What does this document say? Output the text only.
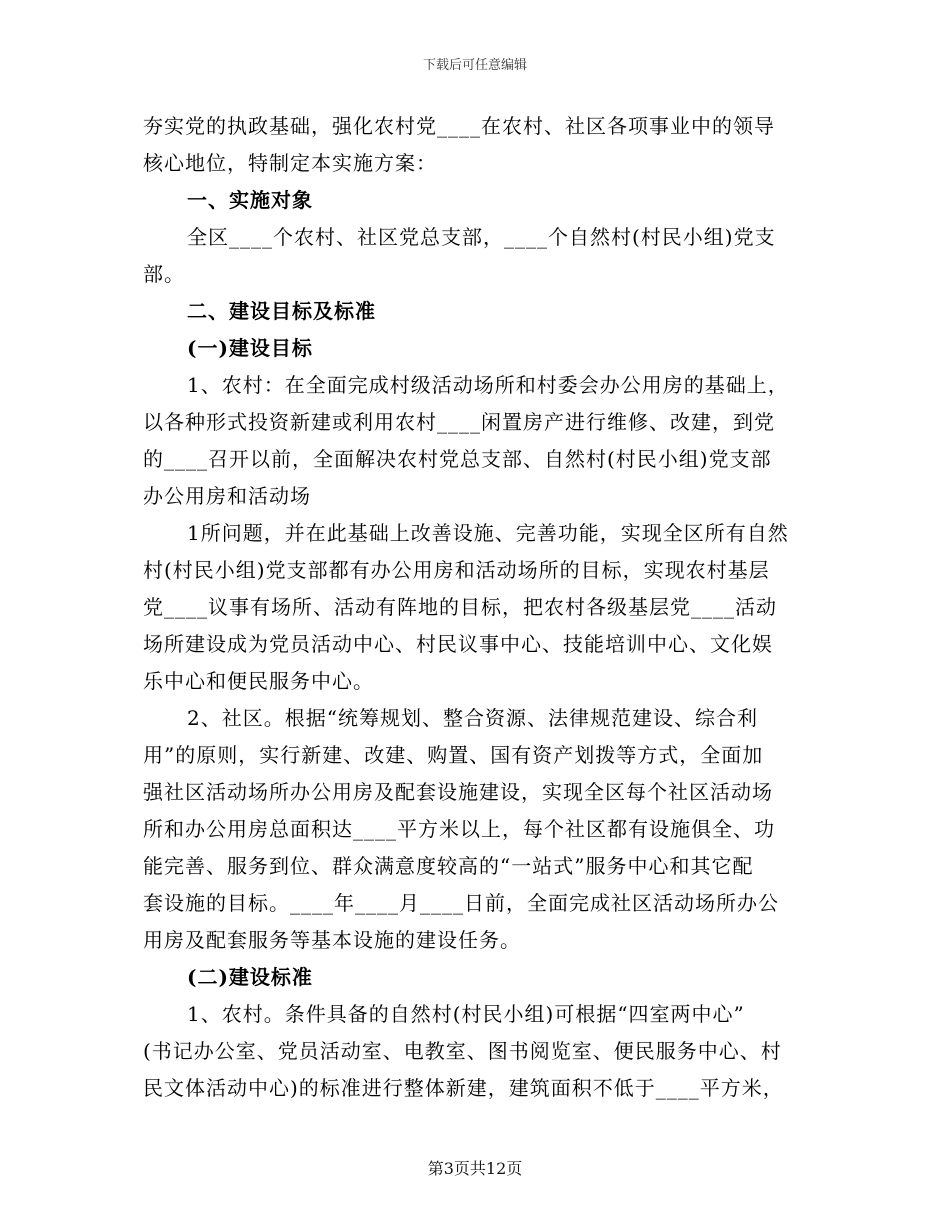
下载后可任意编辑

夯实党的执政基础，强化农村党____在农村、社区各项事业中的领导

核心地位，特制定本实施方案：

一、实施对象

全区____个农村、社区党总支部，____个自然村(村民小组)党支

部。

二、建设目标及标准

(一)建设目标

1、农村：在全面完成村级活动场所和村委会办公用房的基础上，

以各种形式投资新建或利用农村____闲置房产进行维修、改建，到党

的____召开以前，全面解决农村党总支部、自然村(村民小组)党支部

办公用房和活动场

1所问题，并在此基础上改善设施、完善功能，实现全区所有自然

村(村民小组)党支部都有办公用房和活动场所的目标，实现农村基层

党____议事有场所、活动有阵地的目标，把农村各级基层党____活动

场所建设成为党员活动中心、村民议事中心、技能培训中心、文化娱

乐中心和便民服务中心。

2、社区。根据“统筹规划、整合资源、法律规范建设、综合利

用”的原则，实行新建、改建、购置、国有资产划拨等方式，全面加

强社区活动场所办公用房及配套设施建设，实现全区每个社区活动场

所和办公用房总面积达____平方米以上，每个社区都有设施俱全、功

能完善、服务到位、群众满意度较高的“一站式”服务中心和其它配

套设施的目标。____年____月____日前，全面完成社区活动场所办公

用房及配套服务等基本设施的建设任务。

(二)建设标准

1、农村。条件具备的自然村(村民小组)可根据“四室两中心”

(书记办公室、党员活动室、电教室、图书阅览室、便民服务中心、村

民文体活动中心)的标准进行整体新建，建筑面积不低于____平方米，

第3页共12页
